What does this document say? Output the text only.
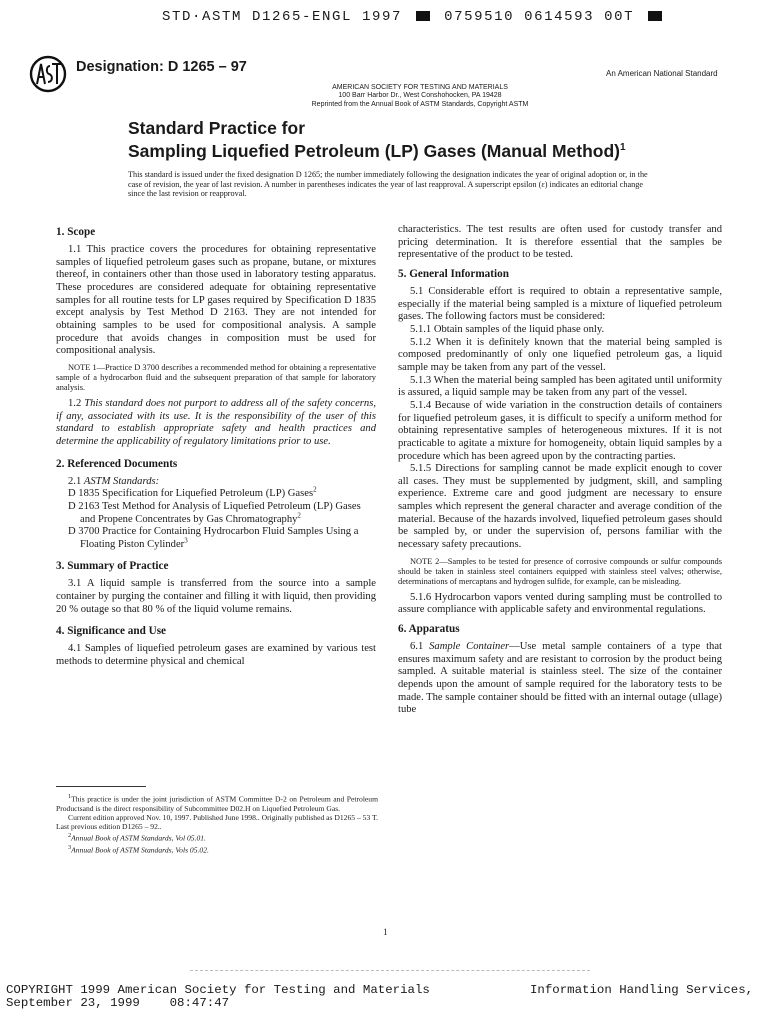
STD·ASTM D1265-ENGL 1997	0759510 0614593 00T
Designation: D 1265 – 97	An American National Standard
AMERICAN SOCIETY FOR TESTING AND MATERIALS
100 Barr Harbor Dr., West Conshohocken, PA 19428
Reprinted from the Annual Book of ASTM Standards, Copyright ASTM
Standard Practice for
Sampling Liquefied Petroleum (LP) Gases (Manual Method)$^1$
This standard is issued under the fixed designation D 1265; the number immediately following the designation indicates the year of original adoption or, in the case of revision, the year of last revision. A number in parentheses indicates the year of last reapproval. A superscript epsilon (ε) indicates an editorial change since the last revision or reapproval.
1. Scope

1.1 This practice covers the procedures for obtaining representative samples of liquefied petroleum gases such as propane, butane, or mixtures thereof, in containers other than those used in laboratory testing apparatus. These procedures are considered adequate for obtaining representative samples for all routine tests for LP gases required by Specification D 1835 except analysis by Test Method D 2163. They are not intended for obtaining samples to be used for compositional analysis. A sample procedure that avoids changes in composition must be used for compositional analysis.

NOTE 1—Practice D 3700 describes a recommended method for obtaining a representative sample of a hydrocarbon fluid and the subsequent preparation of that sample for laboratory analysis.

1.2 This standard does not purport to address all of the safety concerns, if any, associated with its use. It is the responsibility of the user of this standard to establish appropriate safety and health practices and determine the applicability of regulatory limitations prior to use.

2. Referenced Documents

2.1 ASTM Standards:

D 1835 Specification for Liquefied Petroleum (LP) Gases$^2$

D 2163 Test Method for Analysis of Liquefied Petroleum (LP) Gases and Propene Concentrates by Gas Chromatography$^2$

D 3700 Practice for Containing Hydrocarbon Fluid Samples Using a Floating Piston Cylinder$^3$

3. Summary of Practice

3.1 A liquid sample is transferred from the source into a sample container by purging the container and filling it with liquid, then providing 20 % outage so that 80 % of the liquid volume remains.

4. Significance and Use

4.1 Samples of liquefied petroleum gases are examined by various test methods to determine physical and chemical

$^1$This practice is under the joint jurisdiction of ASTM Committee D-2 on Petroleum and Petroleum Productsand is the direct responsibility of Subcommittee D02.H on Liquefied Petroleum Gas.

Current edition approved Nov. 10, 1997. Published June 1998.. Originally published as D1265 – 53 T. Last previous edition D1265 – 92..

$^2$Annual Book of ASTM Standards, Vol 05.01.

$^3$Annual Book of ASTM Standards, Vols 05.02.

characteristics. The test results are often used for custody transfer and pricing determination. It is therefore essential that the samples be representative of the product to be tested.

5. General Information

5.1 Considerable effort is required to obtain a representative sample, especially if the material being sampled is a mixture of liquefied petroleum gases. The following factors must be considered:

5.1.1 Obtain samples of the liquid phase only.

5.1.2 When it is definitely known that the material being sampled is composed predominantly of only one liquefied petroleum gas, a liquid sample may be taken from any part of the vessel.

5.1.3 When the material being sampled has been agitated until uniformity is assured, a liquid sample may be taken from any part of the vessel.

5.1.4 Because of wide variation in the construction details of containers for liquefied petroleum gases, it is difficult to specify a uniform method for obtaining representative samples of heterogeneous mixtures. If it is not practicable to agitate a mixture for homogeneity, obtain liquid samples by a procedure which has been agreed upon by the contracting parties.

5.1.5 Directions for sampling cannot be made explicit enough to cover all cases. They must be supplemented by judgment, skill, and sampling experience. Extreme care and good judgment are necessary to ensure samples which represent the general character and average condition of the material. Because of the hazards involved, liquefied petroleum gases should be sampled by, or under the supervision of, persons familiar with the necessary safety precautions.

NOTE 2—Samples to be tested for presence of corrosive compounds or sulfur compounds should be taken in stainless steel containers equipped with stainless steel valves; otherwise, determinations of mercaptans and hydrogen sulfide, for example, can be misleading.

5.1.6 Hydrocarbon vapors vented during sampling must be controlled to assure compliance with applicable safety and environmental regulations.

6. Apparatus

6.1 Sample Container—Use metal sample containers of a type that ensures maximum safety and are resistant to corrosion by the product being sampled. A suitable material is stainless steel. The size of the container depends upon the amount of sample required for the laboratory tests to be made. The sample container should be fitted with an internal outage (ullage) tube

1
COPYRIGHT 1999 American Society for Testing and Materials
September 23, 1999    08:47:47
Information Handling Services,
